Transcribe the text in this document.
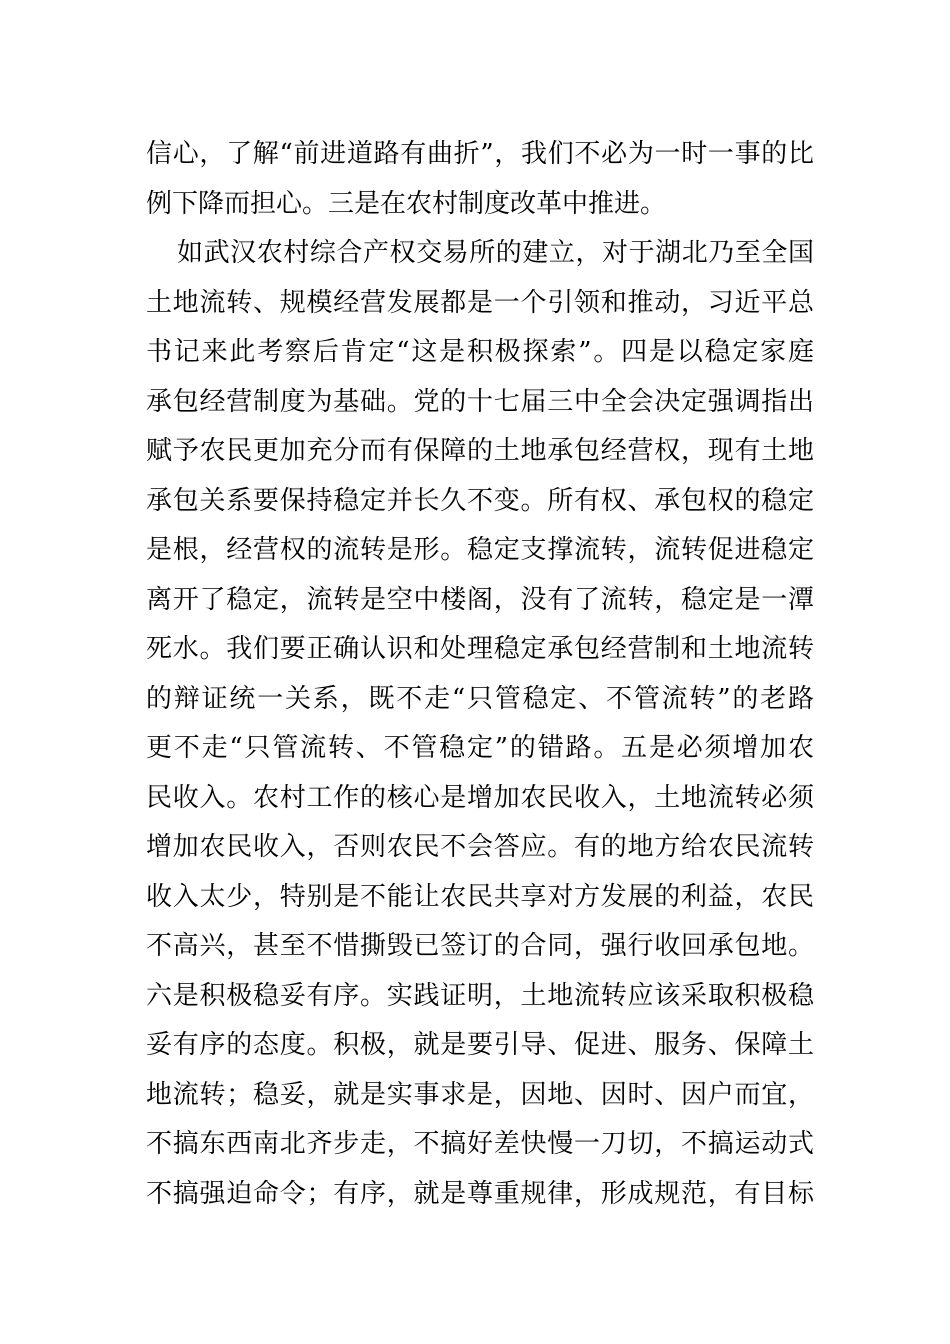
信心，了解“前进道路有曲折”，我们不必为一时一事的比
例下降而担心。三是在农村制度改革中推进。
如武汉农村综合产权交易所的建立，对于湖北乃至全国
土地流转、规模经营发展都是一个引领和推动，习近平总
书记来此考察后肯定“这是积极探索”。四是以稳定家庭
承包经营制度为基础。党的十七届三中全会决定强调指出
赋予农民更加充分而有保障的土地承包经营权，现有土地
承包关系要保持稳定并长久不变。所有权、承包权的稳定
是根，经营权的流转是形。稳定支撑流转，流转促进稳定
离开了稳定，流转是空中楼阁，没有了流转，稳定是一潭
死水。我们要正确认识和处理稳定承包经营制和土地流转
的辩证统一关系，既不走“只管稳定、不管流转”的老路
更不走“只管流转、不管稳定”的错路。五是必须增加农
民收入。农村工作的核心是增加农民收入，土地流转必须
增加农民收入，否则农民不会答应。有的地方给农民流转
收入太少，特别是不能让农民共享对方发展的利益，农民
不高兴，甚至不惜撕毁已签订的合同，强行收回承包地。
六是积极稳妥有序。实践证明，土地流转应该采取积极稳
妥有序的态度。积极，就是要引导、促进、服务、保障土
地流转；稳妥，就是实事求是，因地、因时、因户而宜，
不搞东西南北齐步走，不搞好差快慢一刀切，不搞运动式
不搞强迫命令；有序，就是尊重规律，形成规范，有目标
